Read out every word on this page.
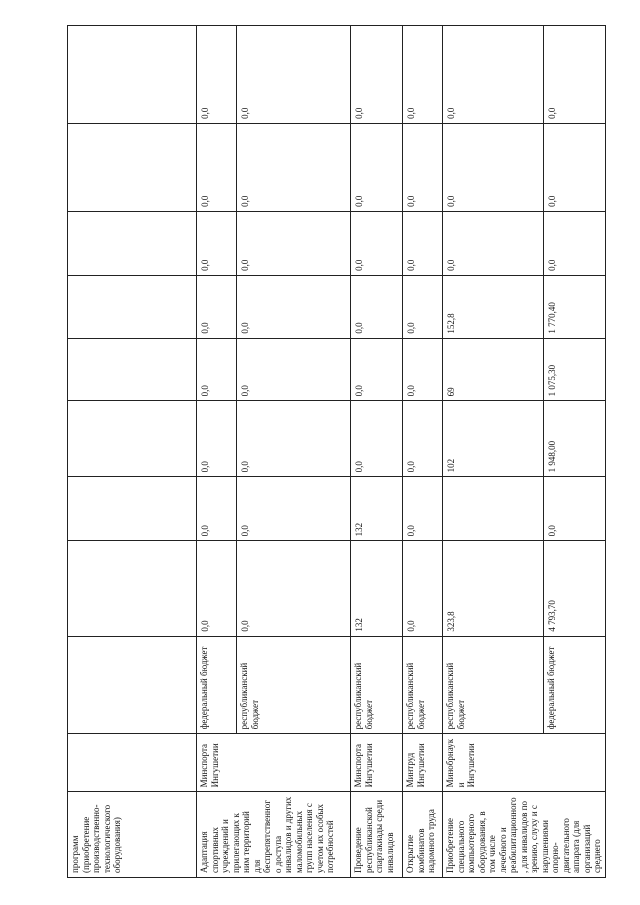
программ (приобретение производственно-технологического оборудования)										
Адаптация спортивных учреждений и прилегающих к ним территорий для беспрепятственного доступа инвалидов и других маломобильных групп населения с учетом их особых потребностей	Минспорта Ингушетии	федеральный бюджет	0,0	0,0	0,0	0,0	0,0	0,0	0,0	0,0
		республиканский бюджет	0,0	0,0	0,0	0,0	0,0	0,0	0,0	0,0
Проведение республиканской спартакиады среди инвалидов	Минспорта Ингушетии	республиканский бюджет	132	132	0,0	0,0	0,0	0,0	0,0	0,0
Открытие комбинатов надомного труда	Минтруд Ингушетии	республиканский бюджет	0,0	0,0	0,0	0,0	0,0	0,0	0,0	0,0
Приобретение специального компьютерного оборудования, в том числе лечебного и реабилитационного, для инвалидов по зрению, слуху и с нарушениями опорно-двигательного аппарата (для организаций среднего	Минобрнауки Ингушетии	республиканский бюджет	323,8		102	69	152,8	0,0	0,0	0,0
		федеральный бюджет	4 793,70	0,0	1 948,00	1 075,30	1 770,40	0,0	0,0	0,0
